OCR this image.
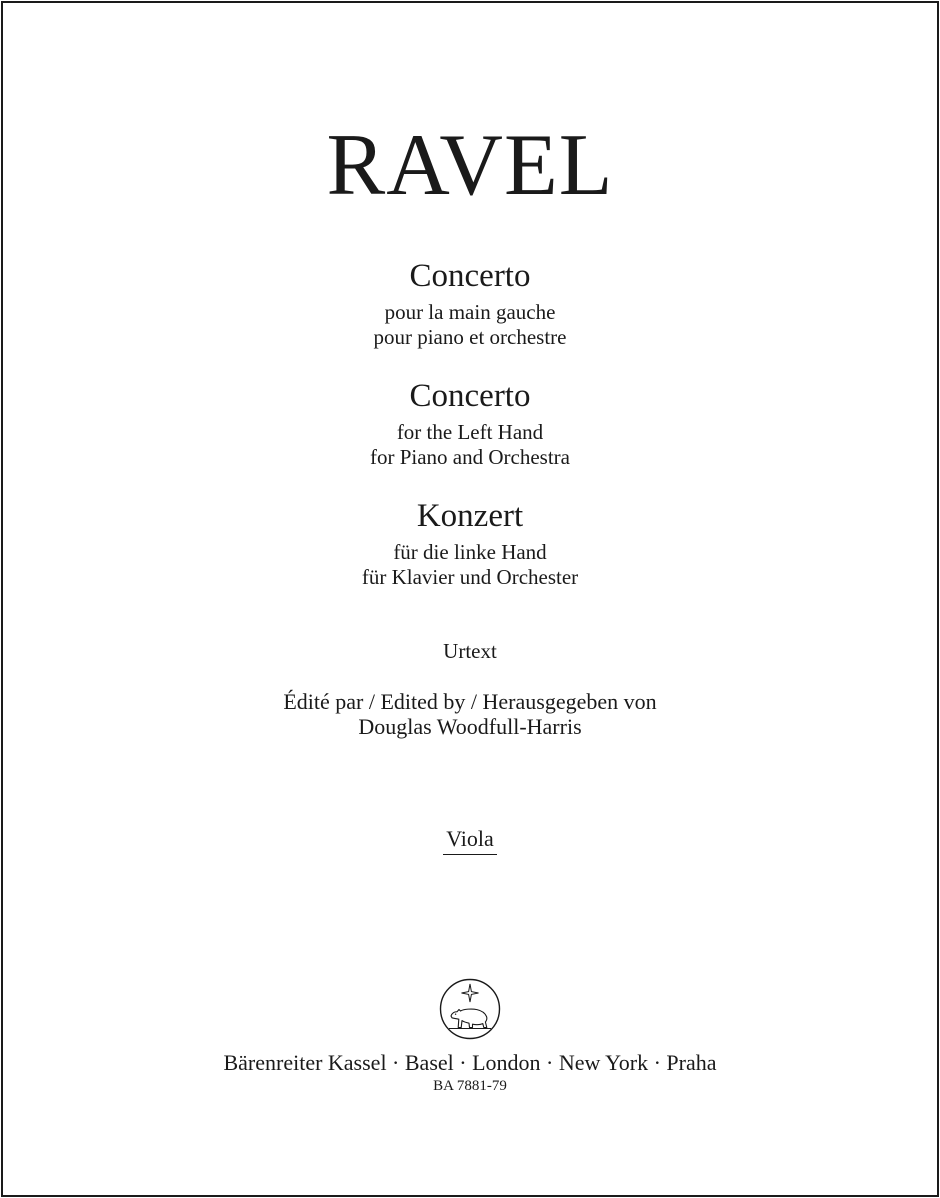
RAVEL
Concerto
pour la main gauche
pour piano et orchestre
Concerto
for the Left Hand
for Piano and Orchestra
Konzert
für die linke Hand
für Klavier und Orchester
Urtext
Édité par / Edited by / Herausgegeben von
Douglas Woodfull-Harris
Viola
Bärenreiter Kassel · Basel · London · New York · Praha
BA 7881-79
